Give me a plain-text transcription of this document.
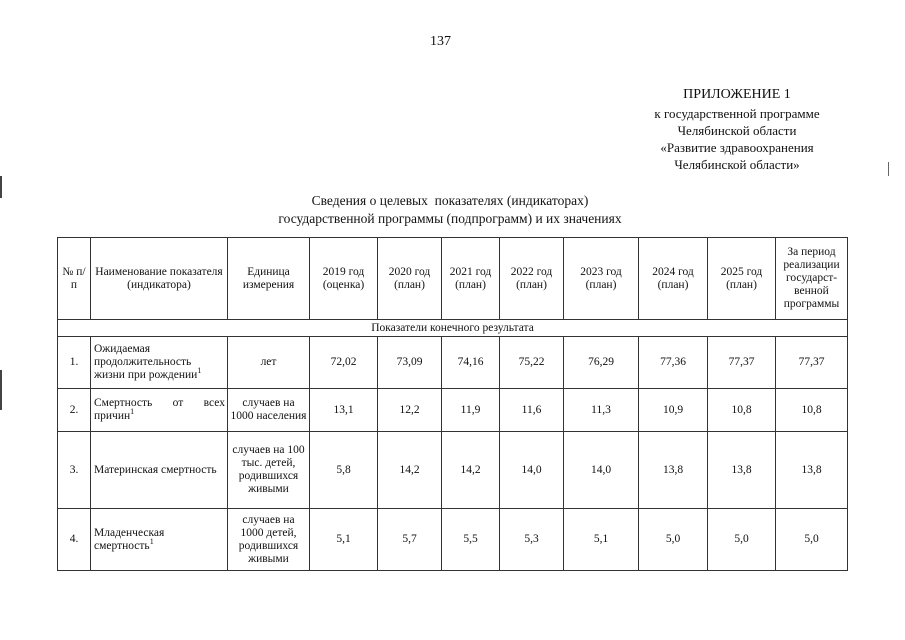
137
ПРИЛОЖЕНИЕ 1
к государственной программе
Челябинской области
«Развитие здравоохранения
Челябинской области»
Сведения о целевых  показателях (индикаторах)
государственной программы (подпрограмм) и их значениях
№ п/п	Наименование показателя (индикатора)	Единица измерения	2019 год (оценка)	2020 год (план)	2021 год (план)	2022 год (план)	2023 год (план)	2024 год (план)	2025 год (план)	За период реализации государст-венной программы
Показатели конечного результата										
1.	Ожидаемая продолжительность жизни при рождении$^1$	лет	72,02	73,09	74,16	75,22	76,29	77,36	77,37	77,37
2.	Смертность от всех причин$^1$	случаев на 1000 населения	13,1	12,2	11,9	11,6	11,3	10,9	10,8	10,8
3.	Материнская смертность	случаев на 100 тыс. детей, родившихся живыми	5,8	14,2	14,2	14,0	14,0	13,8	13,8	13,8
4.	Младенческая смертность$^1$	случаев на 1000 детей, родившихся живыми	5,1	5,7	5,5	5,3	5,1	5,0	5,0	5,0
